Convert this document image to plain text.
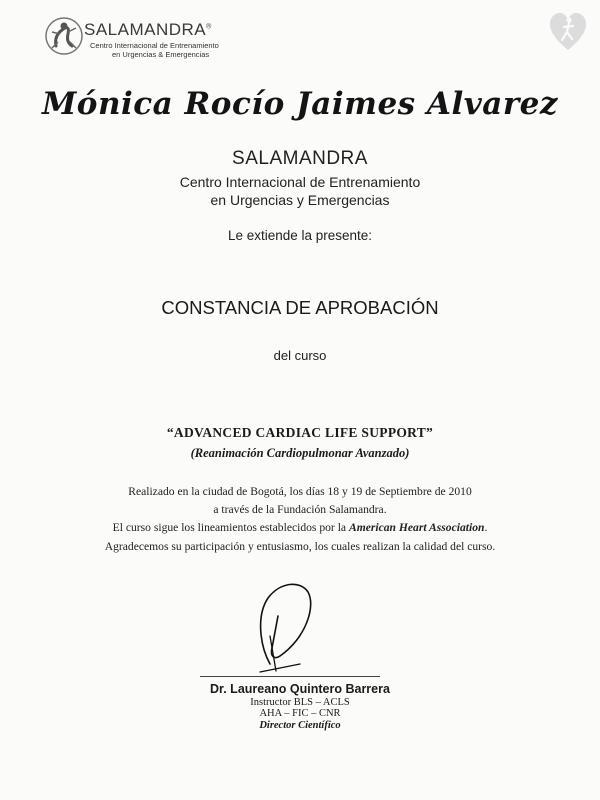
SALAMANDRA®
Centro Internacional de Entrenamiento
en Urgencias & Emergencias
Mónica Rocío Jaimes Alvarez
SALAMANDRA
Centro Internacional de Entrenamiento
en Urgencias y Emergencias
Le extiende la presente:
CONSTANCIA DE APROBACIÓN
del curso
“ADVANCED CARDIAC LIFE SUPPORT”
(Reanimación Cardiopulmonar Avanzado)
Realizado en la ciudad de Bogotá, los días 18 y 19 de Septiembre de 2010
a través de la Fundación Salamandra.
El curso sigue los lineamientos establecidos por la American Heart Association.
Agradecemos su participación y entusiasmo, los cuales realizan la calidad del curso.
Dr. Laureano Quintero Barrera
Instructor BLS – ACLS
AHA – FIC – CNR
Director Científico
